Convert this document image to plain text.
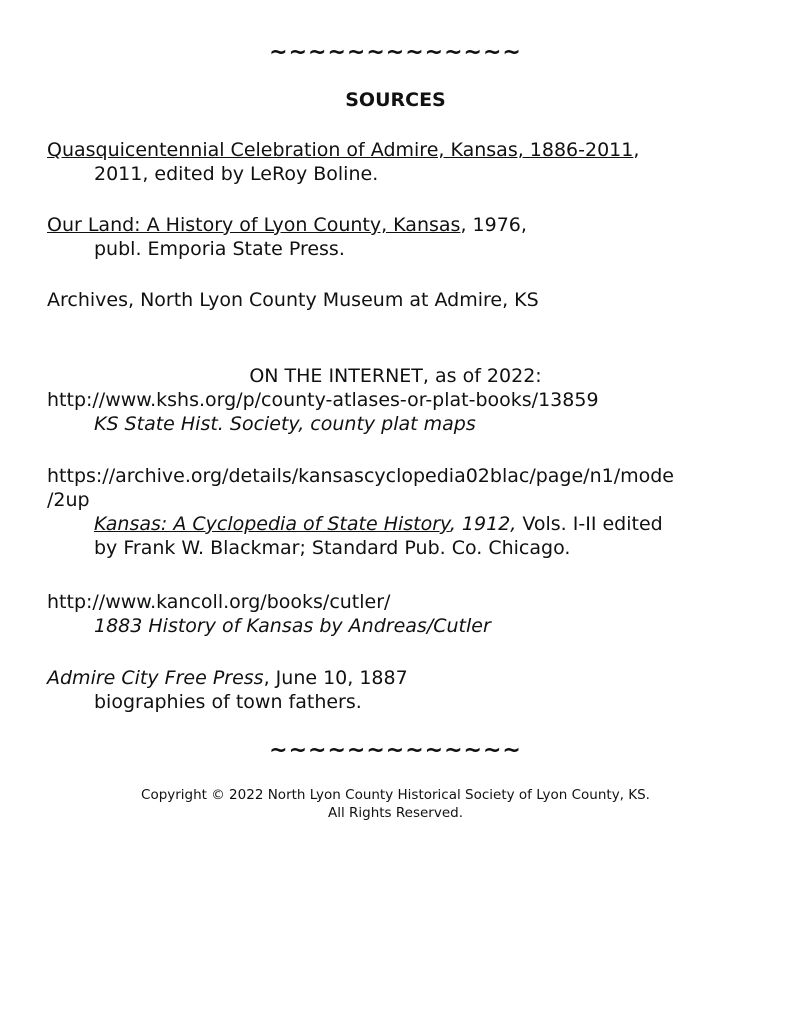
~~~~~~~~~~~~~
SOURCES
Quasquicentennial Celebration of Admire, Kansas, 1886-2011,
2011, edited by LeRoy Boline.
Our Land: A History of Lyon County, Kansas, 1976,
publ. Emporia State Press.
Archives, North Lyon County Museum at Admire, KS
ON THE INTERNET, as of 2022:
http://www.kshs.org/p/county-atlases-or-plat-books/13859
KS State Hist. Society, county plat maps
https://archive.org/details/kansascyclopedia02blac/page/n1/mode
/2up
Kansas: A Cyclopedia of State History, 1912, Vols. I-II edited
by Frank W. Blackmar; Standard Pub. Co. Chicago.
http://www.kancoll.org/books/cutler/
1883 History of Kansas by Andreas/Cutler
Admire City Free Press, June 10, 1887
biographies of town fathers.
~~~~~~~~~~~~~
Copyright © 2022 North Lyon County Historical Society of Lyon County, KS.
All Rights Reserved.
